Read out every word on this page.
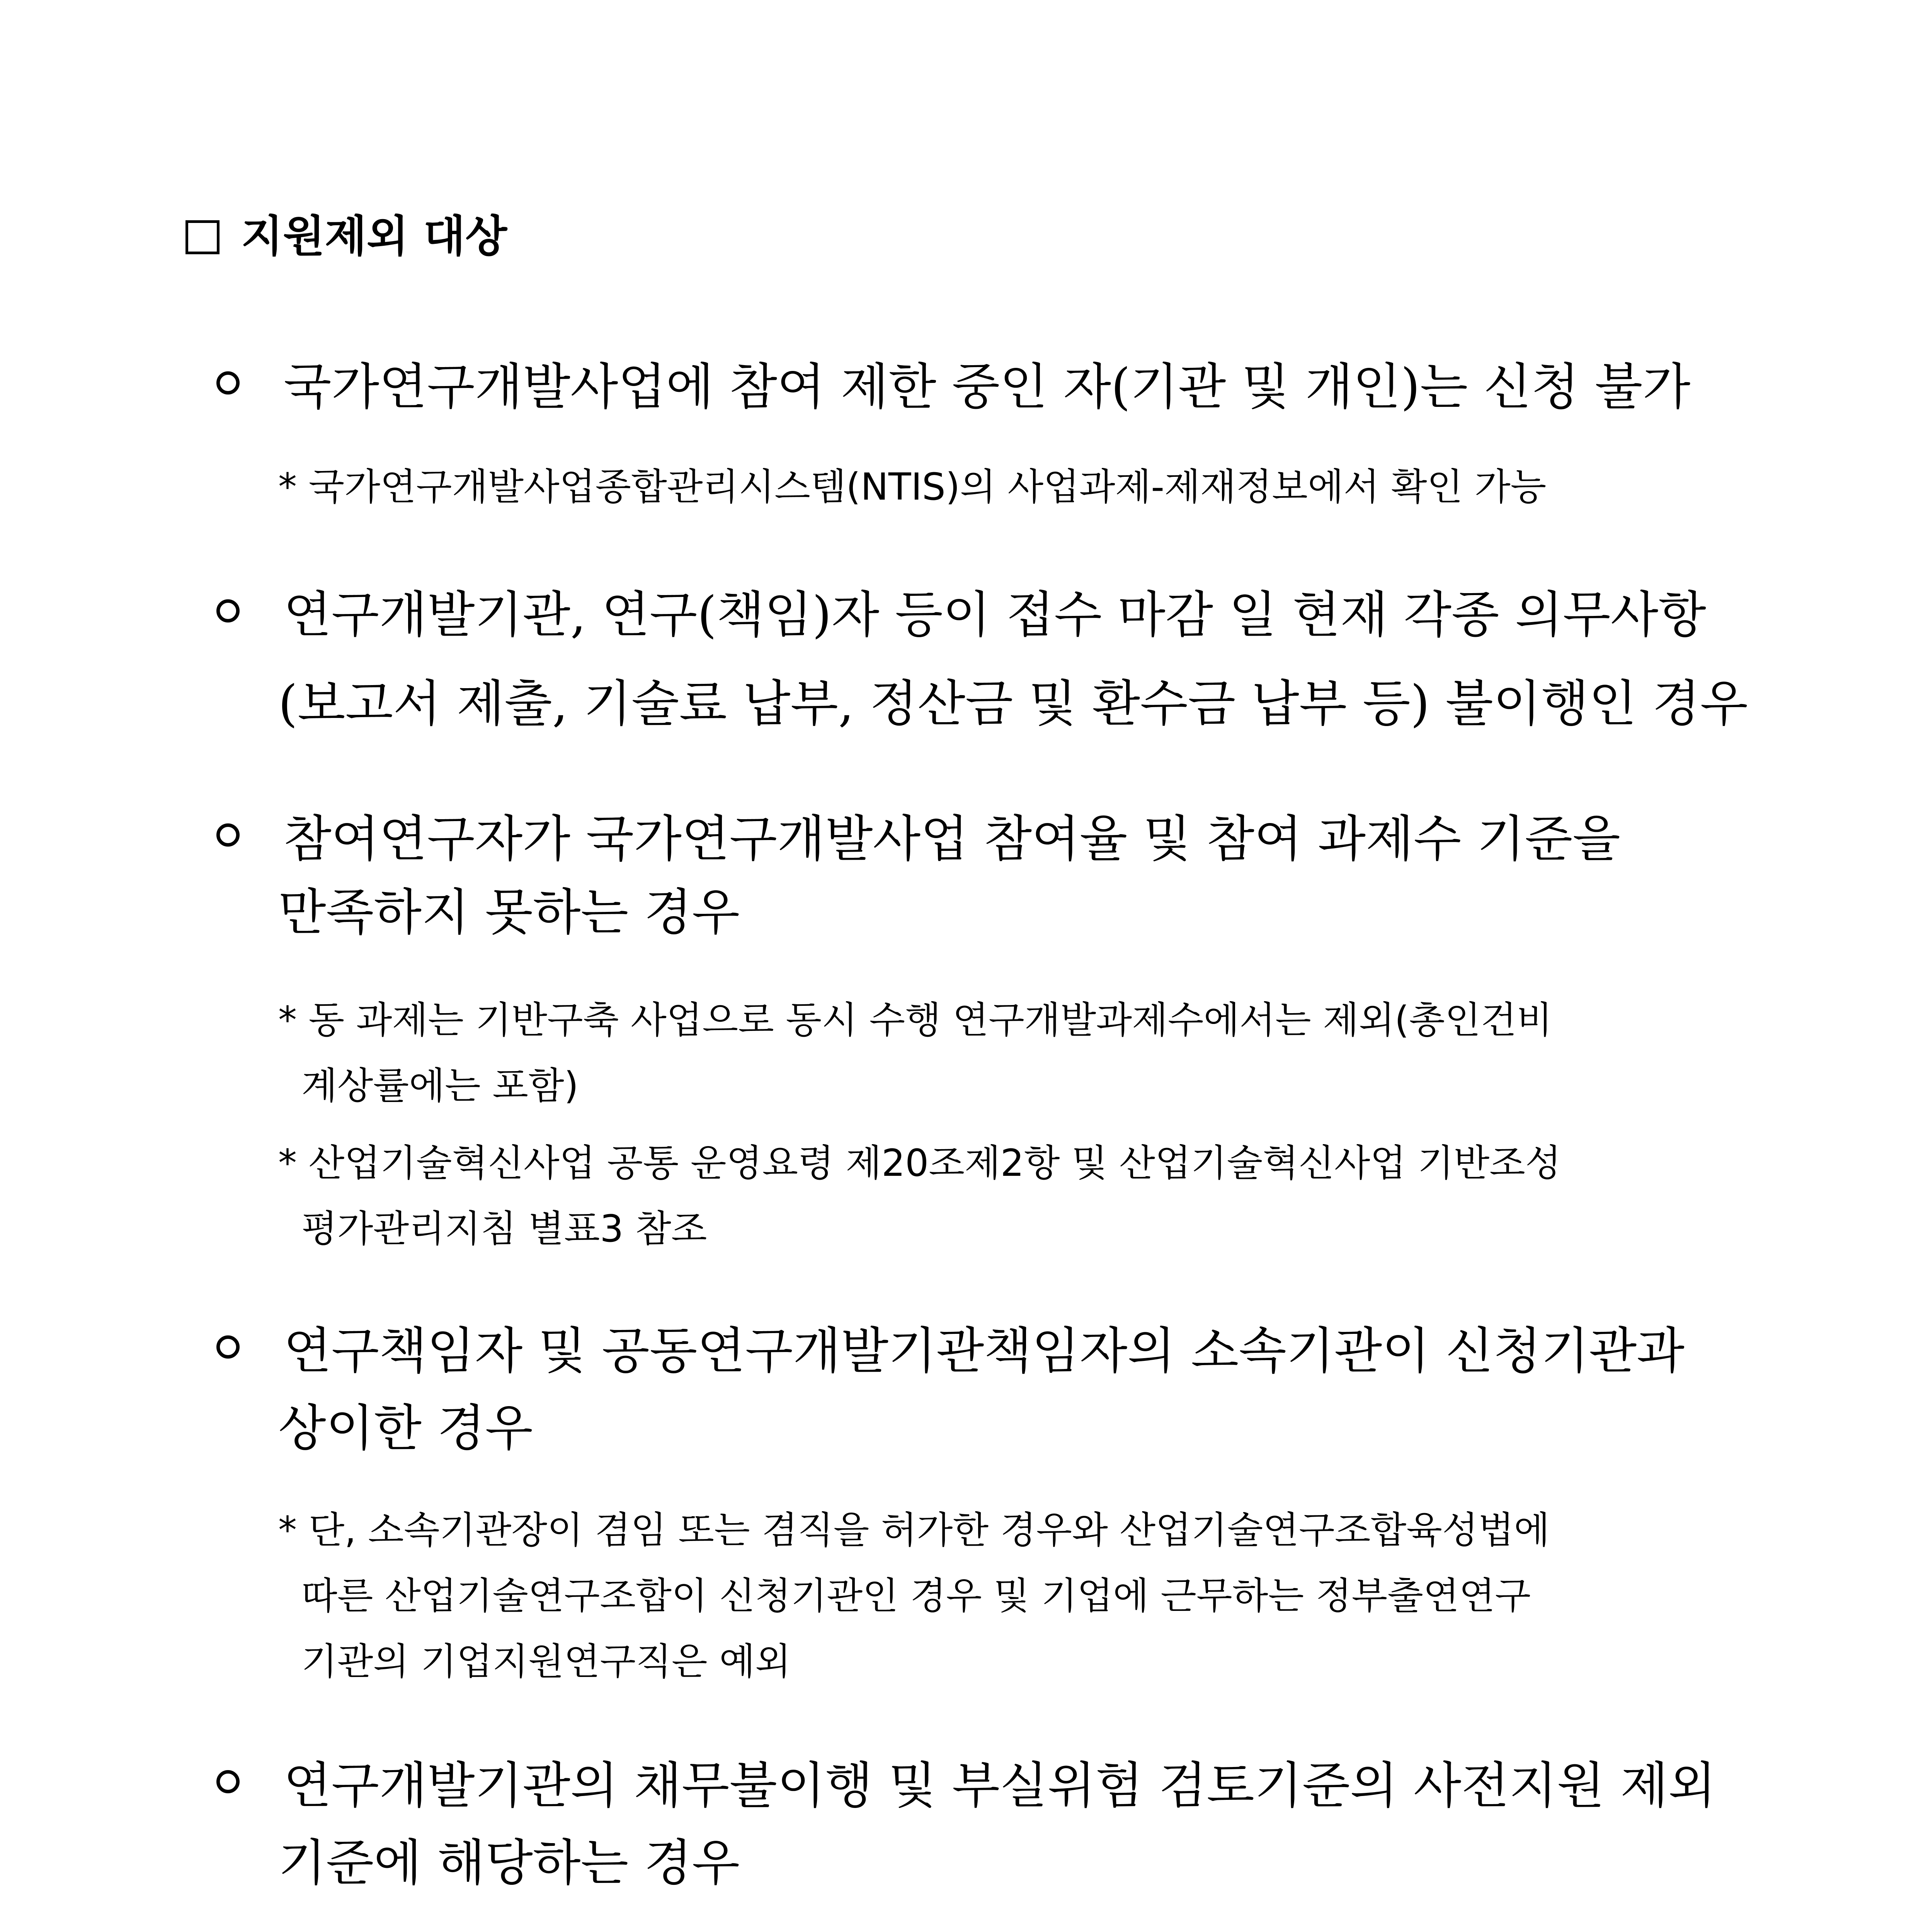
지원제외 대상
국가연구개발사업에 참여 제한 중인 자(기관 및 개인)는 신청 불가
* 국가연구개발사업종합관리시스템(NTIS)의 사업과제-제재정보에서 확인 가능
연구개발기관, 연구(책임)자 등이 접수 마감 일 현재 각종 의무사항
(보고서 제출, 기술료 납부, 정산금 및 환수금 납부 등) 불이행인 경우
참여연구자가 국가연구개발사업 참여율 및 참여 과제수 기준을
만족하지 못하는 경우
* 동 과제는 기반구축 사업으로 동시 수행 연구개발과제수에서는 제외(총인건비
계상률에는 포함)
* 산업기술혁신사업 공통 운영요령 제20조제2항 및 산업기술혁신사업 기반조성
평가관리지침 별표3 참조
연구책임자 및 공동연구개발기관책임자의 소속기관이 신청기관과
상이한 경우
* 단, 소속기관장이 겸임 또는 겸직을 허가한 경우와 산업기술연구조합육성법에
따른 산업기술연구조합이 신청기관인 경우 및 기업에 근무하는 정부출연연구
기관의 기업지원연구직은 예외
연구개발기관의 채무불이행 및 부실위험 검토기준의 사전지원 제외
기준에 해당하는 경우
